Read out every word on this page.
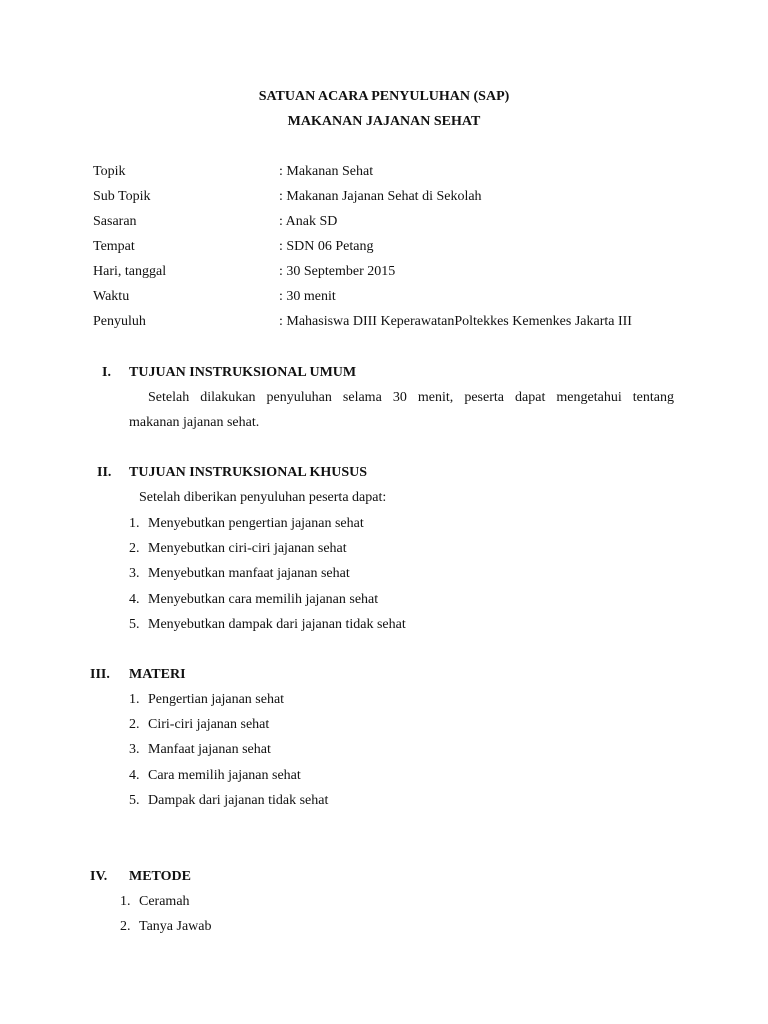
SATUAN ACARA PENYULUHAN (SAP)
MAKANAN JAJANAN SEHAT
Topik	: Makanan Sehat
Sub Topik	: Makanan Jajanan Sehat di Sekolah
Sasaran	: Anak SD
Tempat	: SDN 06 Petang
Hari, tanggal	: 30 September 2015
Waktu	: 30 menit
Penyuluh	: Mahasiswa DIII KeperawatanPoltekkes Kemenkes Jakarta III
I. TUJUAN INSTRUKSIONAL UMUM
Setelah dilakukan penyuluhan selama 30 menit, peserta dapat mengetahui tentang
makanan jajanan sehat.
II. TUJUAN INSTRUKSIONAL KHUSUS
Setelah diberikan penyuluhan peserta dapat:
1. Menyebutkan pengertian jajanan sehat
2. Menyebutkan ciri-ciri jajanan sehat
3. Menyebutkan manfaat jajanan sehat
4. Menyebutkan cara memilih jajanan sehat
5. Menyebutkan dampak dari jajanan tidak sehat
III. MATERI
1. Pengertian jajanan sehat
2. Ciri-ciri jajanan sehat
3. Manfaat jajanan sehat
4. Cara memilih jajanan sehat
5. Dampak dari jajanan tidak sehat
IV. METODE
1. Ceramah
2. Tanya Jawab
